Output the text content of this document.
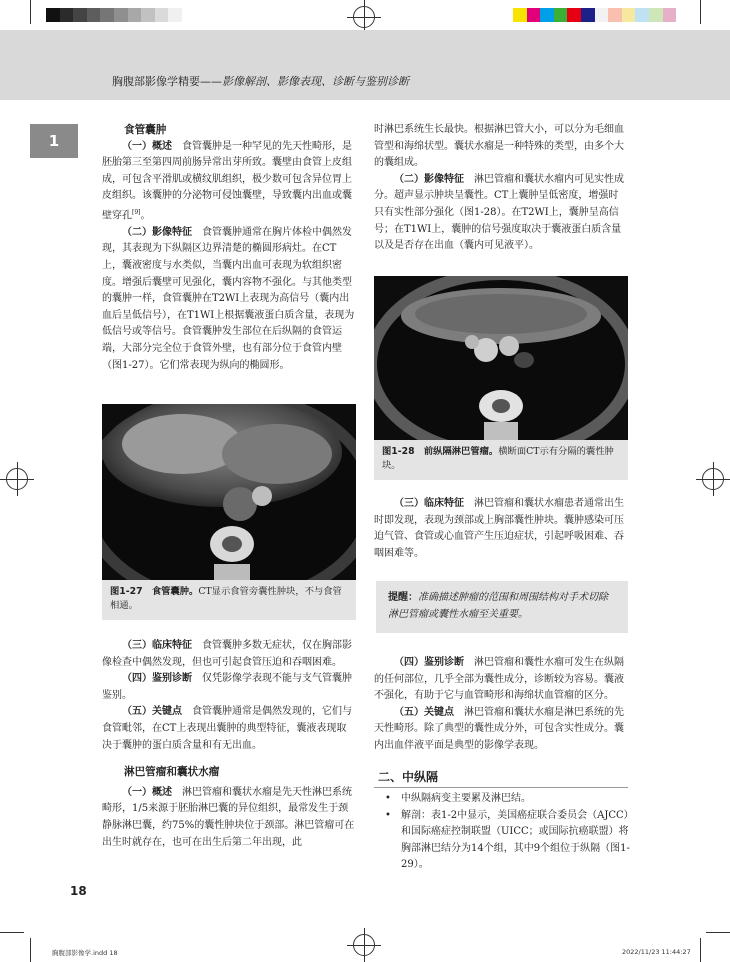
胸腹部影像学精要——影像解剖、影像表现、诊断与鉴别诊断
1

食管囊肿

（一）概述　 食管囊肿是一种罕见的先天性畸形，是胚胎第三至第四周前肠异常出芽所致。囊壁由食管上皮组成，可包含平滑肌或横纹肌组织，极少数可包含异位胃上皮组织。该囊肿的分泌物可侵蚀囊壁，导致囊内出血或囊壁穿孔[9]。

（二）影像特征　 食管囊肿通常在胸片体检中偶然发现，其表现为下纵隔区边界清楚的椭圆形病灶。在CT上，囊液密度与水类似，当囊内出血可表现为软组织密度。增强后囊壁可见强化，囊内容物不强化。与其他类型的囊肿一样，食管囊肿在T2WI上表现为高信号（囊内出血后呈低信号），在T1WI上根据囊液蛋白质含量，表现为低信号或等信号。食管囊肿发生部位在后纵隔的食管运端，大部分完全位于食管外壁，也有部分位于食管内壁（图1-27）。它们常表现为纵向的椭圆形。

图1-27　食管囊肿。CT显示食管旁囊性肿块，不与食管相通。

（三）临床特征　 食管囊肿多数无症状，仅在胸部影像检查中偶然发现，但也可引起食管压迫和吞咽困难。

（四）鉴别诊断　 仅凭影像学表现不能与支气管囊肿鉴别。

（五）关键点　 食管囊肿通常是偶然发现的，它们与食管毗邻，在CT上表现出囊肿的典型特征，囊液表现取决于囊肿的蛋白质含量和有无出血。

淋巴管瘤和囊状水瘤

（一）概述　 淋巴管瘤和囊状水瘤是先天性淋巴系统畸形，1/5来源于胚胎淋巴囊的异位组织，最常发生于颈静脉淋巴囊，约75%的囊性肿块位于颈部。淋巴管瘤可在出生时就存在，也可在出生后第二年出现，此

时淋巴系统生长最快。根据淋巴管大小，可以分为毛细血管型和海绵状型。囊状水瘤是一种特殊的类型，由多个大的囊组成。

（二）影像特征　 淋巴管瘤和囊状水瘤内可见实性成分。超声显示肿块呈囊性。CT上囊肿呈低密度，增强时只有实性部分强化（图1-28）。在T2WI上，囊肿呈高信号；在T1WI上，囊肿的信号强度取决于囊液蛋白质含量以及是否存在出血（囊内可见液平）。

图1-28　前纵隔淋巴管瘤。横断面CT示有分隔的囊性肿块。

（三）临床特征　 淋巴管瘤和囊状水瘤患者通常出生时即发现，表现为颈部或上胸部囊性肿块。囊肿感染可压迫气管、食管或心血管产生压迫症状，引起呼吸困难、吞咽困难等。

提醒：准确描述肿瘤的范围和周围结构对手术切除淋巴管瘤或囊性水瘤至关重要。

（四）鉴别诊断　 淋巴管瘤和囊性水瘤可发生在纵隔的任何部位，几乎全部为囊性成分，诊断较为容易。囊液不强化，有助于它与血管畸形和海绵状血管瘤的区分。

（五）关键点　 淋巴管瘤和囊状水瘤是淋巴系统的先天性畸形。除了典型的囊性成分外，可包含实性成分。囊内出血伴液平面是典型的影像学表现。

二、中纵隔
• 中纵隔病变主要累及淋巴结。
• 解剖：表1-2中显示，美国癌症联合委员会（AJCC）和国际癌症控制联盟（UICC；或国际抗癌联盟）将胸部淋巴结分为14个组，其中9个组位于纵隔（图1-29）。
18
胸腹部影像学.indd 18	2022/11/23 11:44:27
